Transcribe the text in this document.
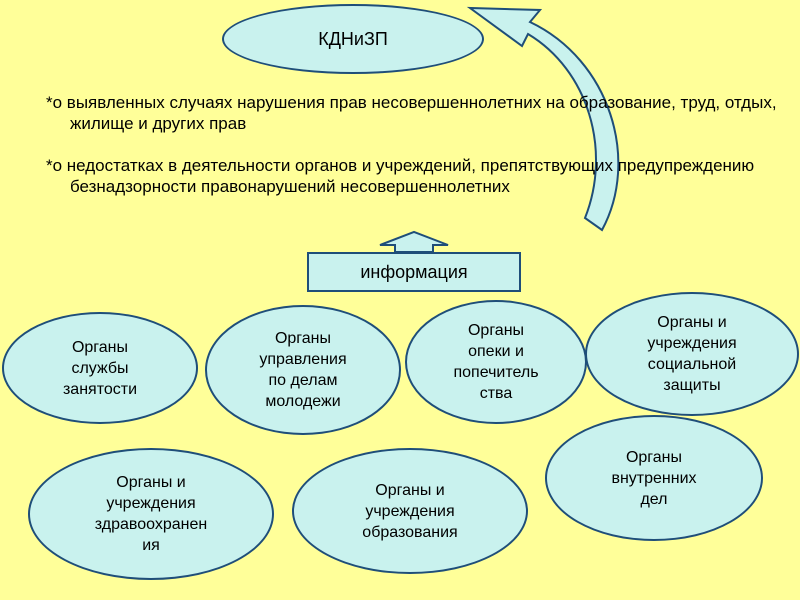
КДНиЗП
*о выявленных случаях нарушения прав несовершеннолетних на образование, труд, отдых, жилище и других прав
*о недостатках в деятельности органов и учреждений, препятствующих предупреждению безнадзорности правонарушений несовершеннолетних
информация
Органы
службы
занятости
Органы
управления
по делам
молодежи
Органы
опеки и
попечитель
ства
Органы и
учреждения
социальной
защиты
Органы и
учреждения
здравоохранен
ия
Органы и
учреждения
образования
Органы
внутренних
дел
